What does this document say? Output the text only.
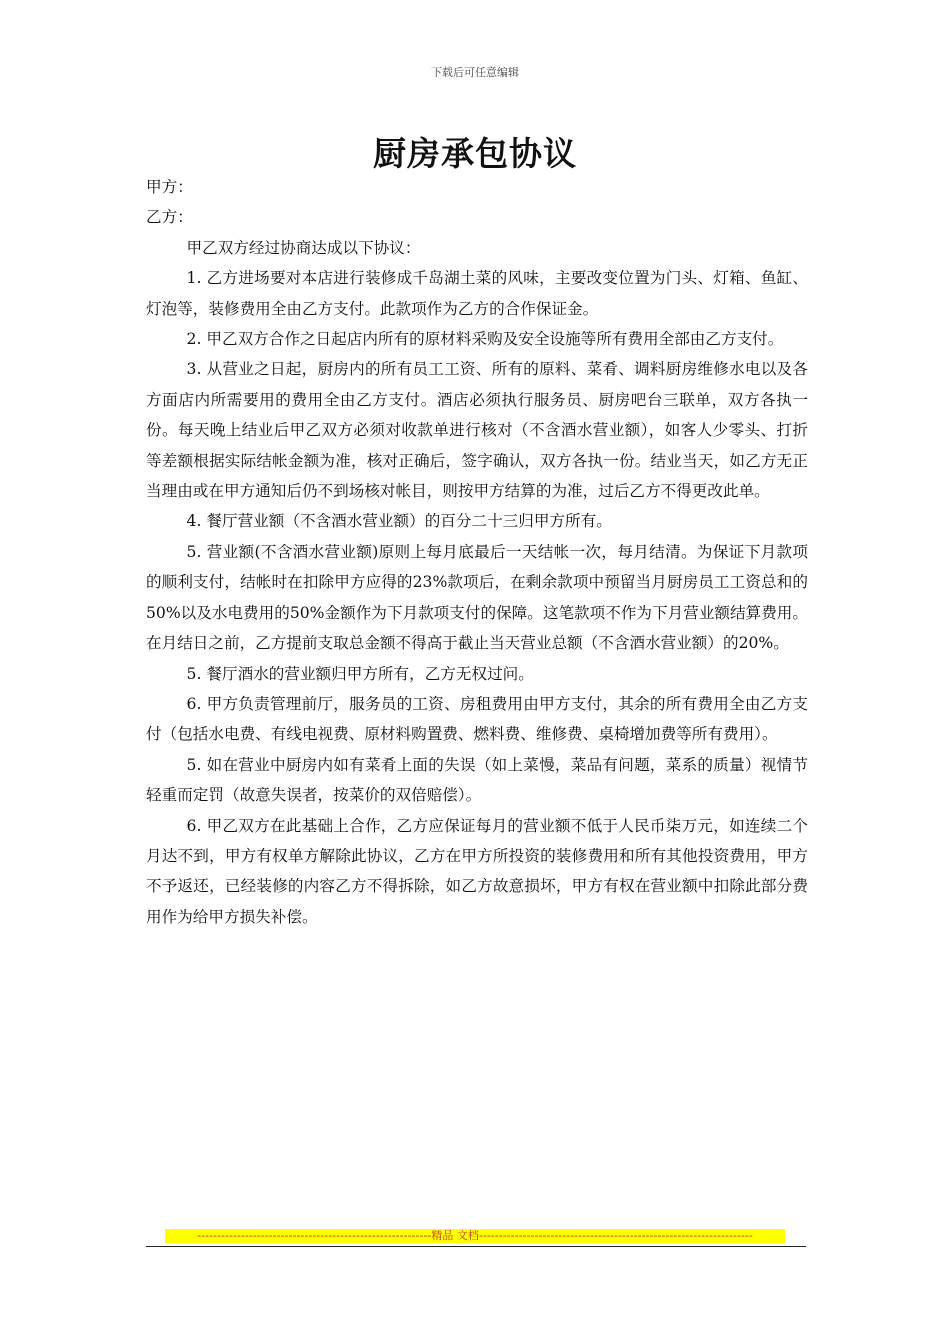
下载后可任意编辑
厨房承包协议

甲方：

乙方：

甲乙双方经过协商达成以下协议：

1. 乙方进场要对本店进行装修成千岛湖土菜的风味，主要改变位置为门头、灯箱、鱼缸、灯泡等，装修费用全由乙方支付。此款项作为乙方的合作保证金。

2. 甲乙双方合作之日起店内所有的原材料采购及安全设施等所有费用全部由乙方支付。

3. 从营业之日起，厨房内的所有员工工资、所有的原料、菜肴、调料厨房维修水电以及各方面店内所需要用的费用全由乙方支付。酒店必须执行服务员、厨房吧台三联单，双方各执一份。每天晚上结业后甲乙双方必须对收款单进行核对（不含酒水营业额），如客人少零头、打折等差额根据实际结帐金额为准，核对正确后，签字确认，双方各执一份。结业当天，如乙方无正当理由或在甲方通知后仍不到场核对帐目，则按甲方结算的为准，过后乙方不得更改此单。

4. 餐厅营业额（不含酒水营业额）的百分二十三归甲方所有。

5. 营业额(不含酒水营业额)原则上每月底最后一天结帐一次，每月结清。为保证下月款项的顺利支付，结帐时在扣除甲方应得的23%款项后，在剩余款项中预留当月厨房员工工资总和的50%以及水电费用的50%金额作为下月款项支付的保障。这笔款项不作为下月营业额结算费用。在月结日之前，乙方提前支取总金额不得高于截止当天营业总额（不含酒水营业额）的20%。

5. 餐厅酒水的营业额归甲方所有，乙方无权过问。

6. 甲方负责管理前厅，服务员的工资、房租费用由甲方支付，其余的所有费用全由乙方支付（包括水电费、有线电视费、原材料购置费、燃料费、维修费、桌椅增加费等所有费用）。

5. 如在营业中厨房内如有菜肴上面的失误（如上菜慢，菜品有问题，菜系的质量）视情节轻重而定罚（故意失误者，按菜价的双倍赔偿）。

6. 甲乙双方在此基础上合作，乙方应保证每月的营业额不低于人民币柒万元，如连续二个月达不到，甲方有权单方解除此协议，乙方在甲方所投资的装修费用和所有其他投资费用，甲方不予返还，已经装修的内容乙方不得拆除，如乙方故意损坏，甲方有权在营业额中扣除此部分费用作为给甲方损失补偿。

-----------------------------------------------------------精品 文档---------------------------------------------------------------------
